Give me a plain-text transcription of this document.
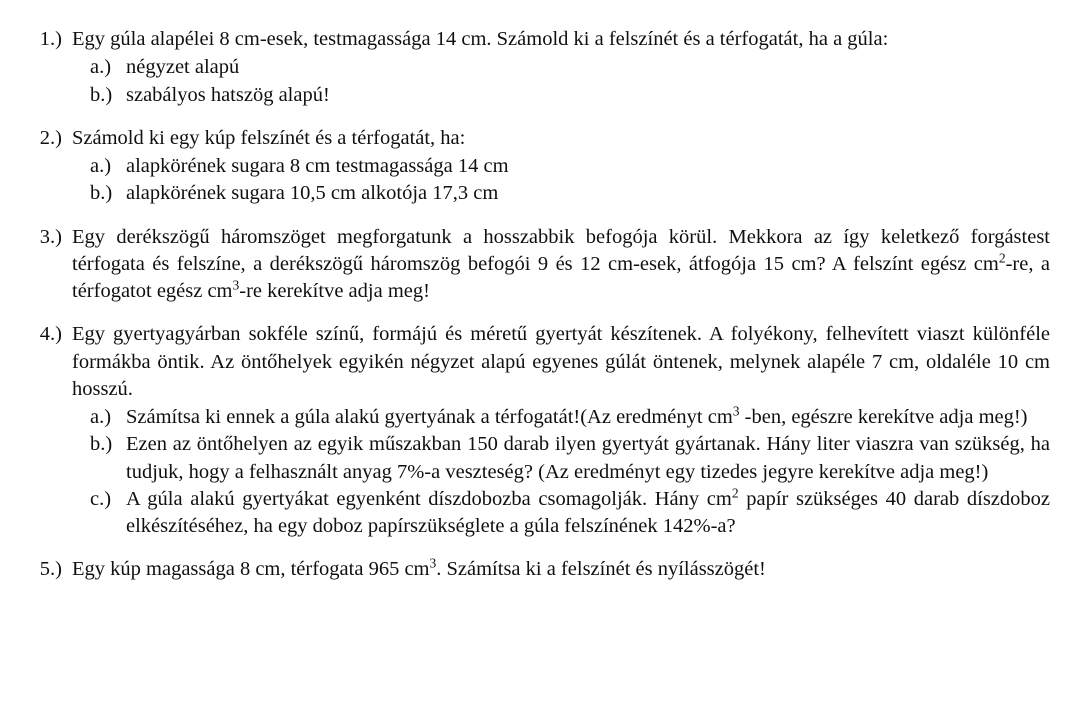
1.) Egy gúla alapélei 8 cm-esek, testmagassága 14 cm. Számold ki a felszínét és a térfogatát, ha a gúla:
a.) négyzet alapú
b.) szabályos hatszög alapú!
2.) Számold ki egy kúp felszínét és a térfogatát, ha:
a.) alapkörének sugara 8 cm testmagassága 14 cm
b.) alapkörének sugara 10,5 cm alkotója 17,3 cm
3.) Egy derékszögű háromszöget megforgatunk a hosszabbik befogója körül. Mekkora az így keletkező forgástest térfogata és felszíne, a derékszögű háromszög befogói 9 és 12 cm-esek, átfogója 15 cm? A felszínt egész $cm^2-re$, a térfogatot egész $cm^3-re$ kerekítve adja meg!
4.) Egy gyertyagyárban sokféle színű, formájú és méretű gyertyát készítenek. A folyékony, felhevített viaszt különféle formákba öntik. Az öntőhelyek egyikén négyzet alapú egyenes gúlát öntenek, melynek alapéle 7 cm, oldaléle 10 cm hosszú.
a.) Számítsa ki ennek a gúla alakú gyertyának a térfogatát!(Az eredményt $cm^3$ -ben, egészre kerekítve adja meg!)
b.) Ezen az öntőhelyen az egyik műszakban 150 darab ilyen gyertyát gyártanak. Hány liter viaszra van szükség, ha tudjuk, hogy a felhasznált anyag 7%-a veszteség? (Az eredményt egy tizedes jegyre kerekítve adja meg!)
c.) A gúla alakú gyertyákat egyenként díszdobozba csomagolják. Hány $cm^2$ papír szükséges 40 darab díszdoboz elkészítéséhez, ha egy doboz papírszükséglete a gúla felszínének 142%-a?
5.) Egy kúp magassága 8 cm, térfogata 965 $cm^3$. Számítsa ki a felszínét és nyílásszögét!
